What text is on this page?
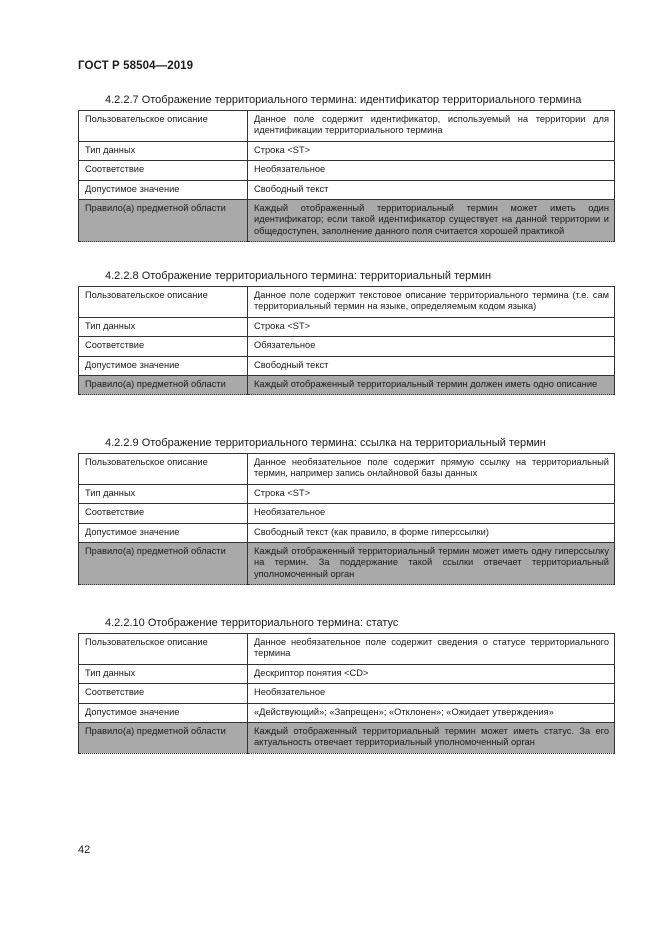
ГОСТ Р 58504—2019
4.2.2.7 Отображение территориального термина: идентификатор территориального термина
Пользовательское описание	Данное поле содержит идентификатор, используемый на территории для идентификации территориального термина
Тип данных	Строка <ST>
Соответствие	Необязательное
Допустимое значение	Свободный текст
Правило(а) предметной области	Каждый отображенный территориальный термин может иметь один идентификатор; если такой идентификатор существует на данной территории и общедоступен, заполнение данного поля считается хорошей практикой
4.2.2.8 Отображение территориального термина: территориальный термин
Пользовательское описание	Данное поле содержит текстовое описание территориального термина (т.е. сам территориальный термин на языке, определяемым кодом языка)
Тип данных	Строка <ST>
Соответствие	Обязательное
Допустимое значение	Свободный текст
Правило(а) предметной области	Каждый отображенный территориальный термин должен иметь одно описание
4.2.2.9 Отображение территориального термина: ссылка на территориальный термин
Пользовательское описание	Данное необязательное поле содержит прямую ссылку на территориальный термин, например запись онлайновой базы данных
Тип данных	Строка <ST>
Соответствие	Необязательное
Допустимое значение	Свободный текст (как правило, в форме гиперссылки)
Правило(а) предметной области	Каждый отображенный территориальный термин может иметь одну гиперссылку на термин. За поддержание такой ссылки отвечает территориальный уполномоченный орган
4.2.2.10 Отображение территориального термина: статус
Пользовательское описание	Данное необязательное поле содержит сведения о статусе территориального термина
Тип данных	Дескриптор понятия <CD>
Соответствие	Необязательное
Допустимое значение	«Действующий»; «Запрещен»; «Отклонен»; «Ожидает утверждения»
Правило(а) предметной области	Каждый отображенный территориальный термин может иметь статус. За его актуальность отвечает территориальный уполномоченный орган
42
